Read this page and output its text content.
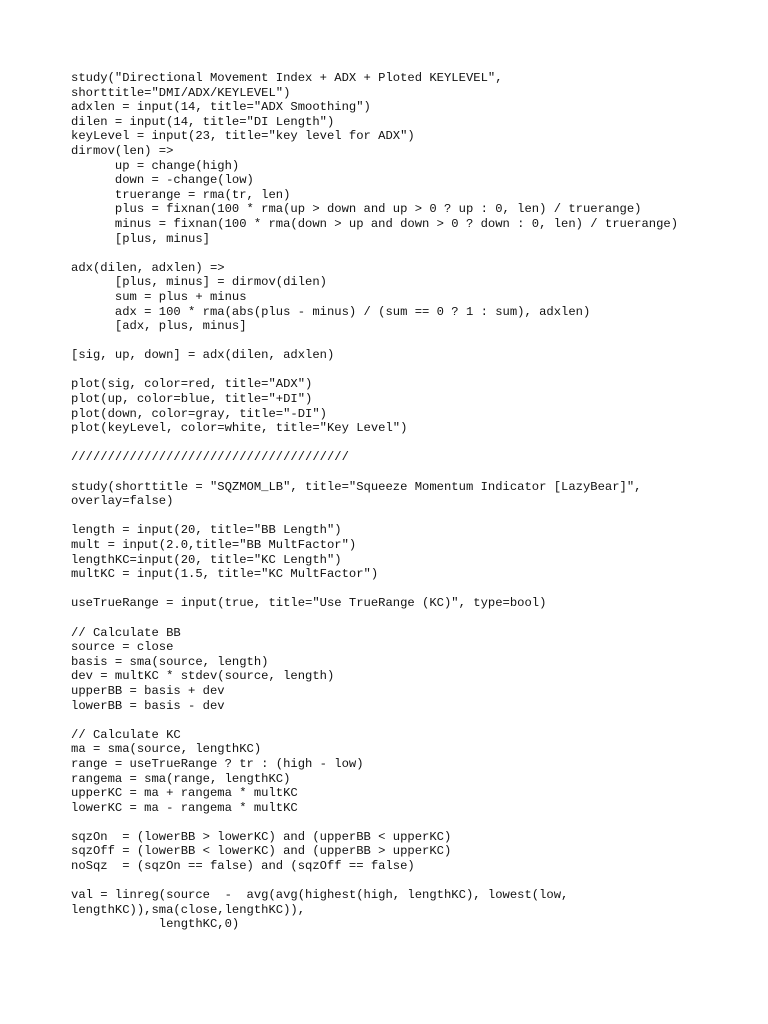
study("Directional Movement Index + ADX + Ploted KEYLEVEL",
shorttitle="DMI/ADX/KEYLEVEL")
adxlen = input(14, title="ADX Smoothing")
dilen = input(14, title="DI Length")
keyLevel = input(23, title="key level for ADX")
dirmov(len) =>
up = change(high)
down = -change(low)
truerange = rma(tr, len)
plus = fixnan(100 * rma(up > down and up > 0 ? up : 0, len) / truerange)
minus = fixnan(100 * rma(down > up and down > 0 ? down : 0, len) / truerange)
[plus, minus]
adx(dilen, adxlen) =>
[plus, minus] = dirmov(dilen)
sum = plus + minus
adx = 100 * rma(abs(plus - minus) / (sum == 0 ? 1 : sum), adxlen)
[adx, plus, minus]
[sig, up, down] = adx(dilen, adxlen)
plot(sig, color=red, title="ADX")
plot(up, color=blue, title="+DI")
plot(down, color=gray, title="-DI")
plot(keyLevel, color=white, title="Key Level")
//////////////////////////////////////
study(shorttitle = "SQZMOM_LB", title="Squeeze Momentum Indicator [LazyBear]",
overlay=false)
length = input(20, title="BB Length")
mult = input(2.0,title="BB MultFactor")
lengthKC=input(20, title="KC Length")
multKC = input(1.5, title="KC MultFactor")
useTrueRange = input(true, title="Use TrueRange (KC)", type=bool)
// Calculate BB
source = close
basis = sma(source, length)
dev = multKC * stdev(source, length)
upperBB = basis + dev
lowerBB = basis - dev
// Calculate KC
ma = sma(source, lengthKC)
range = useTrueRange ? tr : (high - low)
rangema = sma(range, lengthKC)
upperKC = ma + rangema * multKC
lowerKC = ma - rangema * multKC
sqzOn  = (lowerBB > lowerKC) and (upperBB < upperKC)
sqzOff = (lowerBB < lowerKC) and (upperBB > upperKC)
noSqz  = (sqzOn == false) and (sqzOff == false)
val = linreg(source  -  avg(avg(highest(high, lengthKC), lowest(low,
lengthKC)),sma(close,lengthKC)),
lengthKC,0)
